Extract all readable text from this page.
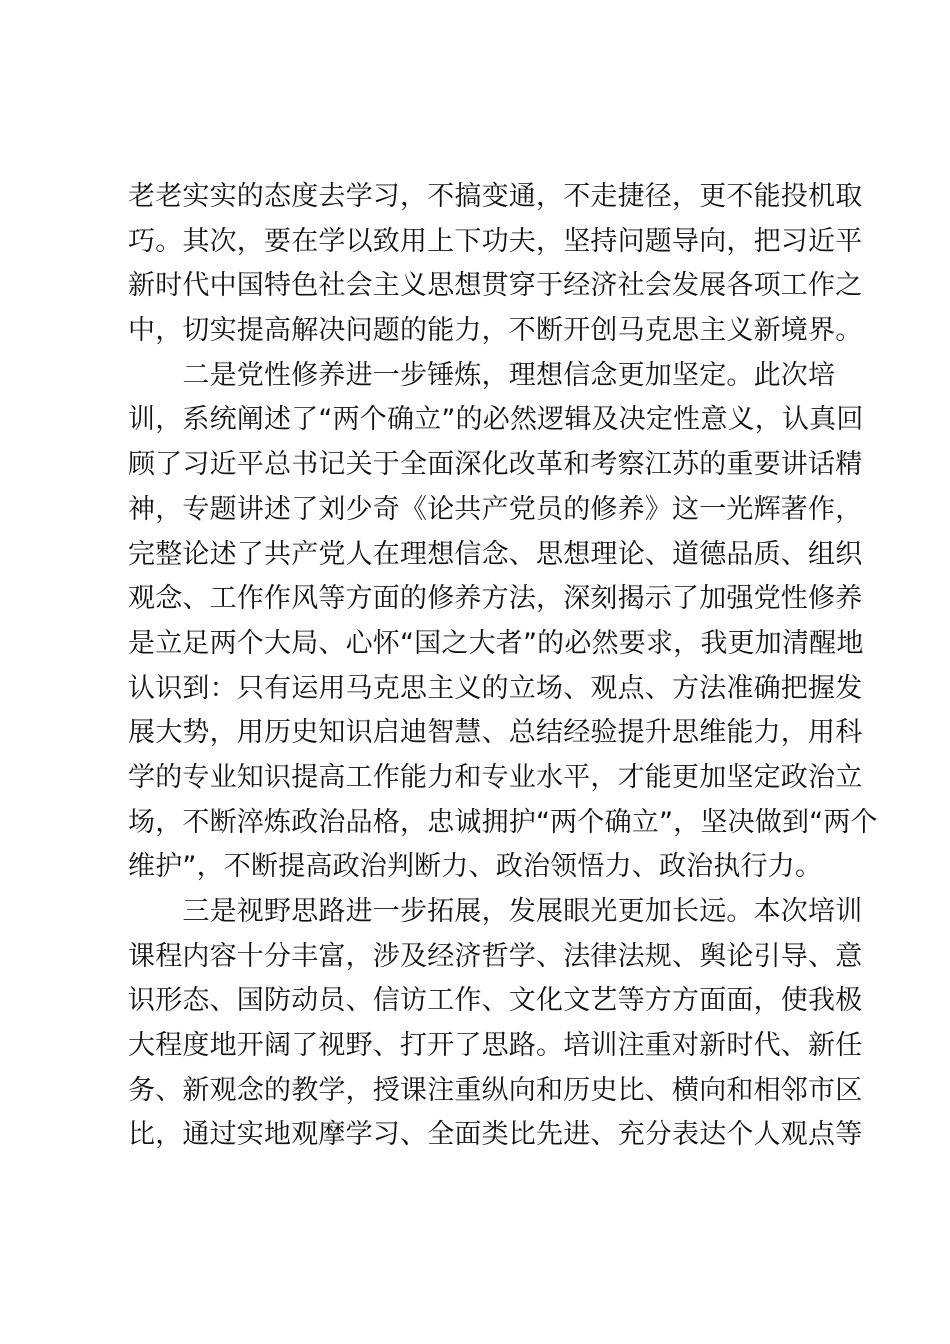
老老实实的态度去学习，不搞变通，不走捷径，更不能投机取
巧。其次，要在学以致用上下功夫，坚持问题导向，把习近平
新时代中国特色社会主义思想贯穿于经济社会发展各项工作之
中，切实提高解决问题的能力，不断开创马克思主义新境界。
　　二是党性修养进一步锤炼，理想信念更加坚定。此次培
训，系统阐述了“两个确立”的必然逻辑及决定性意义，认真回
顾了习近平总书记关于全面深化改革和考察江苏的重要讲话精
神，专题讲述了刘少奇《论共产党员的修养》这一光辉著作，
完整论述了共产党人在理想信念、思想理论、道德品质、组织
观念、工作作风等方面的修养方法，深刻揭示了加强党性修养
是立足两个大局、心怀“国之大者”的必然要求，我更加清醒地
认识到：只有运用马克思主义的立场、观点、方法准确把握发
展大势，用历史知识启迪智慧、总结经验提升思维能力，用科
学的专业知识提高工作能力和专业水平，才能更加坚定政治立
场，不断淬炼政治品格，忠诚拥护“两个确立”，坚决做到“两个
维护”，不断提高政治判断力、政治领悟力、政治执行力。
　　三是视野思路进一步拓展，发展眼光更加长远。本次培训
课程内容十分丰富，涉及经济哲学、法律法规、舆论引导、意
识形态、国防动员、信访工作、文化文艺等方方面面，使我极
大程度地开阔了视野、打开了思路。培训注重对新时代、新任
务、新观念的教学，授课注重纵向和历史比、横向和相邻市区
比，通过实地观摩学习、全面类比先进、充分表达个人观点等
